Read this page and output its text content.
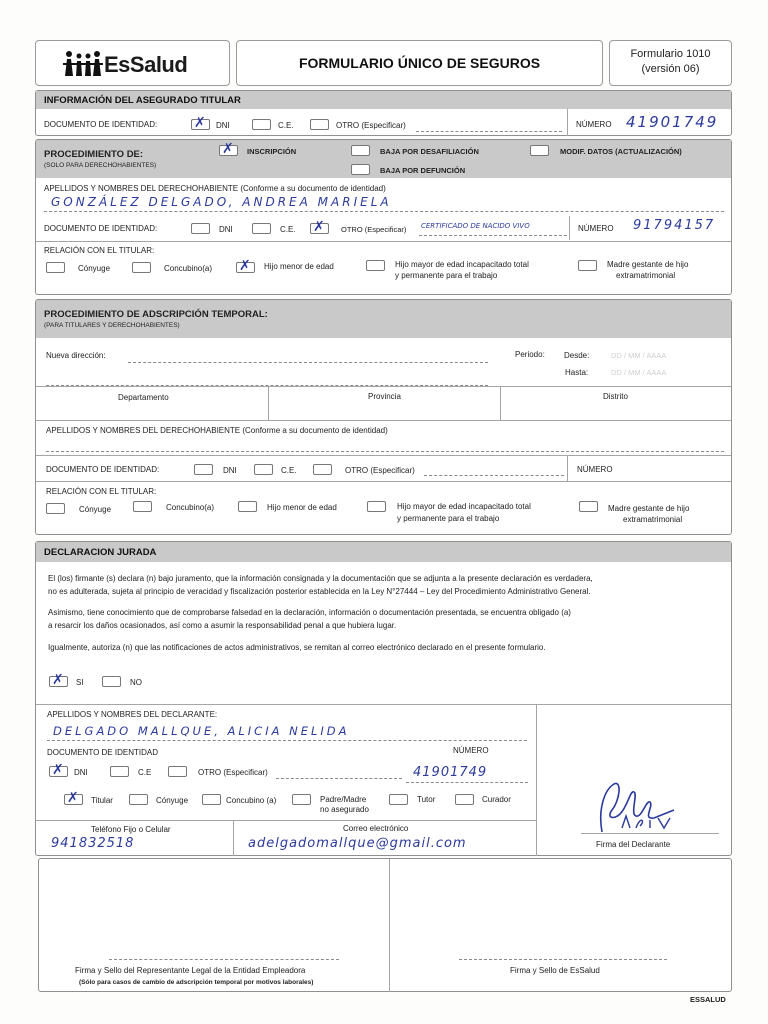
EsSalud	FORMULARIO ÚNICO DE SEGUROS
Formulario 1010
(versión 06)
INFORMACIÓN DEL ASEGURADO TITULAR
DOCUMENTO DE IDENTIDAD:	✗ DNI	C.E.	OTRO (Especificar)	NÚMERO 41901749
PROCEDIMIENTO DE:
(SOLO PARA DERECHOHABIENTES)
✗ INSCRIPCIÓN	BAJA POR DESAFILIACIÓN
BAJA POR DEFUNCIÓN
MODIF. DATOS (ACTUALIZACIÓN)
APELLIDOS Y NOMBRES DEL DERECHOHABIENTE (Conforme a su documento de identidad)
GONZÁLEZ DELGADO, ANDREA MARIELA
DOCUMENTO DE IDENTIDAD:	DNI	C.E. ✗ OTRO (Especificar) CERTIFICADO DE NACIDO VIVO	NÚMERO 91794157
RELACIÓN CON EL TITULAR:
Cónyuge	Concubino(a) ✗ Hijo menor de edad	Hijo mayor de edad incapacitado total
y permanente para el trabajo
Madre gestante de hijo
extramatrimonial
PROCEDIMIENTO DE ADSCRIPCIÓN TEMPORAL:
(PARA TITULARES Y DERECHOHABIENTES)
Nueva dirección:	Periodo: Desde:	DD / MM / AAAA
Hasta:	DD / MM / AAAA
Departamento	Provincia	Distrito
APELLIDOS Y NOMBRES DEL DERECHOHABIENTE (Conforme a su documento de identidad)
DOCUMENTO DE IDENTIDAD:	DNI	C.E.	OTRO (Especificar)	NÚMERO
RELACIÓN CON EL TITULAR:
Cónyuge	Concubino(a)	Hijo menor de edad	Hijo mayor de edad incapacitado total
y permanente para el trabajo
Madre gestante de hijo
extramatrimonial
DECLARACION JURADA
El (los) firmante (s) declara (n) bajo juramento, que la información consignada y la documentación que se adjunta a la presente declaración es verdadera,
no es adulterada, sujeta al principio de veracidad y fiscalización posterior establecida en la Ley N°27444 – Ley del Procedimiento Administrativo General.
Asimismo, tiene conocimiento que de comprobarse falsedad en la declaración, información o documentación presentada, se encuentra obligado (a)
a resarcir los daños ocasionados, así como a asumir la responsabilidad penal a que hubiera lugar.
Igualmente, autoriza (n) que las notificaciones de actos administrativos, se remitan al correo electrónico declarado en el presente formulario.
✗ SI	NO
APELLIDOS Y NOMBRES DEL DECLARANTE:
DELGADO MALLQUE, ALICIA NELIDA
DOCUMENTO DE IDENTIDAD	NÚMERO
✗ DNI	C.E	OTRO (Especificar)	41901749
✗ Titular	Cónyuge	Concubino (a)	Padre/Madre
no asegurado
Tutor	Curador
Teléfono Fijo o Celular
941832518
Correo electrónico
adelgadomallque@gmail.com	Firma del Declarante
Firma y Sello del Representante Legal de la Entidad Empleadora
(Sólo para casos de cambio de adscripción temporal por motivos laborales)
Firma y Sello de EsSalud
ESSALUD
